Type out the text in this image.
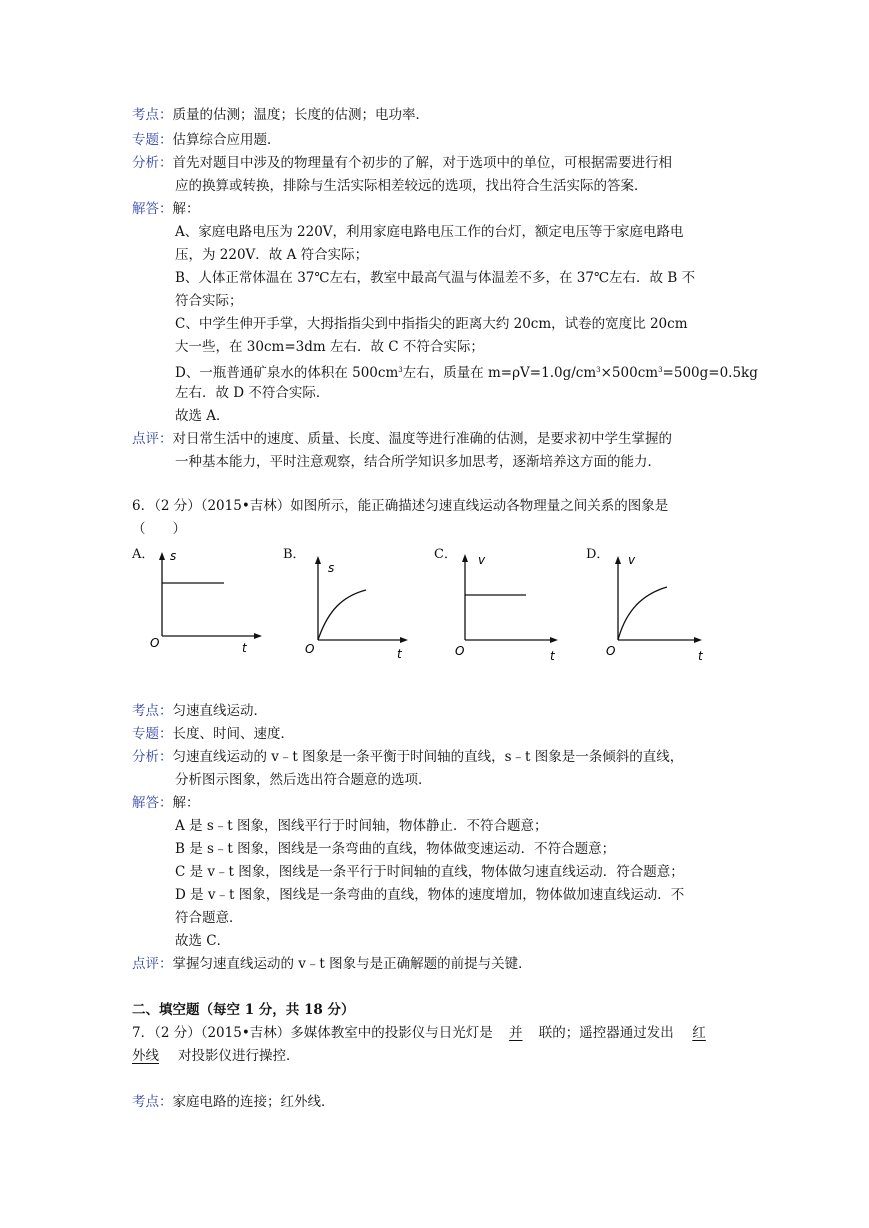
考点：质量的估测；温度；长度的估测；电功率．
专题：估算综合应用题．
分析：首先对题目中涉及的物理量有个初步的了解，对于选项中的单位，可根据需要进行相
应的换算或转换，排除与生活实际相差较远的选项，找出符合生活实际的答案．
解答：解：
A、家庭电路电压为 220V，利用家庭电路电压工作的台灯，额定电压等于家庭电路电
压，为 220V．故 A 符合实际；
B、人体正常体温在 37℃左右，教室中最高气温与体温差不多，在 37℃左右．故 B 不
符合实际；
C、中学生伸开手掌，大拇指指尖到中指指尖的距离大约 20cm，试卷的宽度比 20cm
大一些，在 30cm=3dm 左右．故 C 不符合实际；
D、一瓶普通矿泉水的体积在 $500cm^3$左右，质量在 $m=\rho V=1.0g/cm^3\times 500cm^3=500g=0.5kg$
左右．故 D 不符合实际．
故选 A．
点评：对日常生活中的速度、质量、长度、温度等进行准确的估测，是要求初中学生掌握的
一种基本能力，平时注意观察，结合所学知识多加思考，逐渐培养这方面的能力．
6．（2 分）（2015•吉林）如图所示，能正确描述匀速直线运动各物理量之间关系的图象是
（　　）
A． s
t
O
B．
s
t
O
C． v
t
O
D． v
t
O
考点：匀速直线运动．
专题：长度、时间、速度．
分析：匀速直线运动的 v﹣t 图象是一条平衡于时间轴的直线，s﹣t 图象是一条倾斜的直线，
分析图示图象，然后选出符合题意的选项．
解答：解：
A 是 s﹣t 图象，图线平行于时间轴，物体静止．不符合题意；
B 是 s﹣t 图象，图线是一条弯曲的直线，物体做变速运动．不符合题意；
C 是 v﹣t 图象，图线是一条平行于时间轴的直线，物体做匀速直线运动．符合题意；
D 是 v﹣t 图象，图线是一条弯曲的直线，物体的速度增加，物体做加速直线运动．不
符合题意．
故选 C．
点评：掌握匀速直线运动的 v﹣t 图象与是正确解题的前提与关键．
二、填空题（每空 1 分，共 18 分）
7．（2 分）（2015•吉林）多媒体教室中的投影仪与日光灯是 并 联的；遥控器通过发出 红
外线 对投影仪进行操控．
考点：家庭电路的连接；红外线．
